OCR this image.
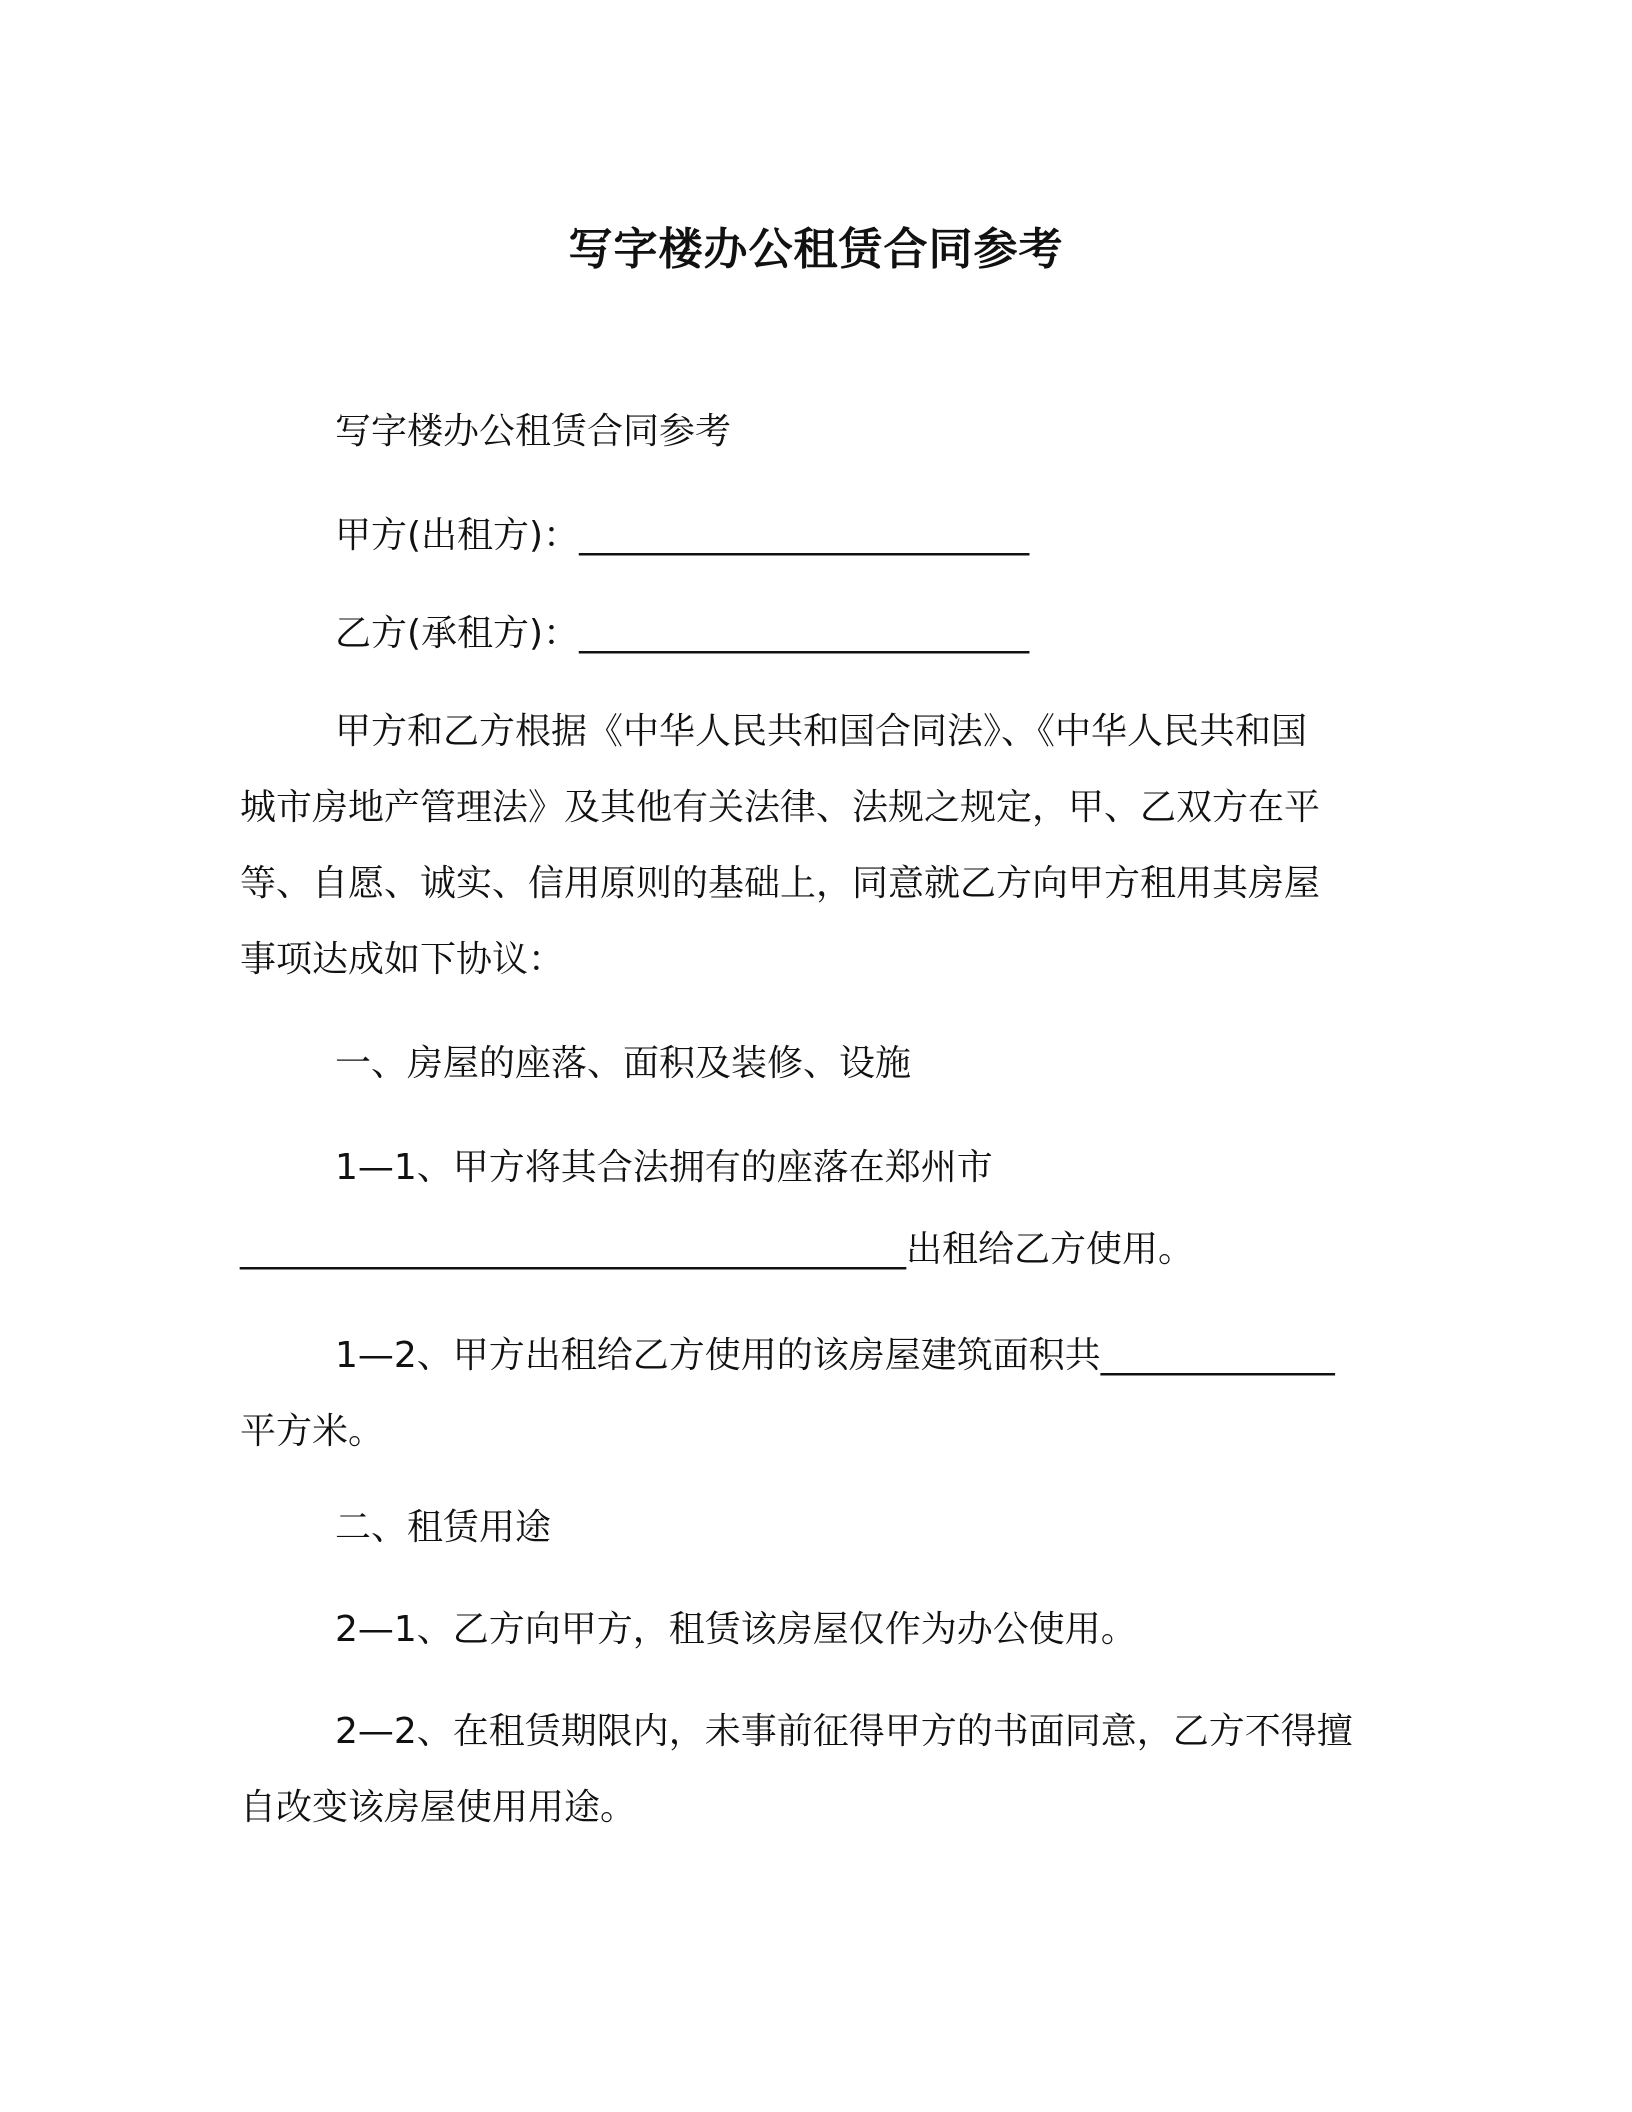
写字楼办公租赁合同参考

写字楼办公租赁合同参考

甲方(出租方)：_________________________

乙方(承租方)：_________________________

甲方和乙方根据《中华人民共和国合同法》、《中华人民共和国

城市房地产管理法》及其他有关法律、法规之规定，甲、乙双方在平

等、自愿、诚实、信用原则的基础上，同意就乙方向甲方租用其房屋

事项达成如下协议：

一、房屋的座落、面积及装修、设施

1—1、甲方将其合法拥有的座落在郑州市

_____________________________________出租给乙方使用。

1—2、甲方出租给乙方使用的该房屋建筑面积共_____________

平方米。

二、租赁用途

2—1、乙方向甲方，租赁该房屋仅作为办公使用。

2—2、在租赁期限内，未事前征得甲方的书面同意，乙方不得擅

自改变该房屋使用用途。
